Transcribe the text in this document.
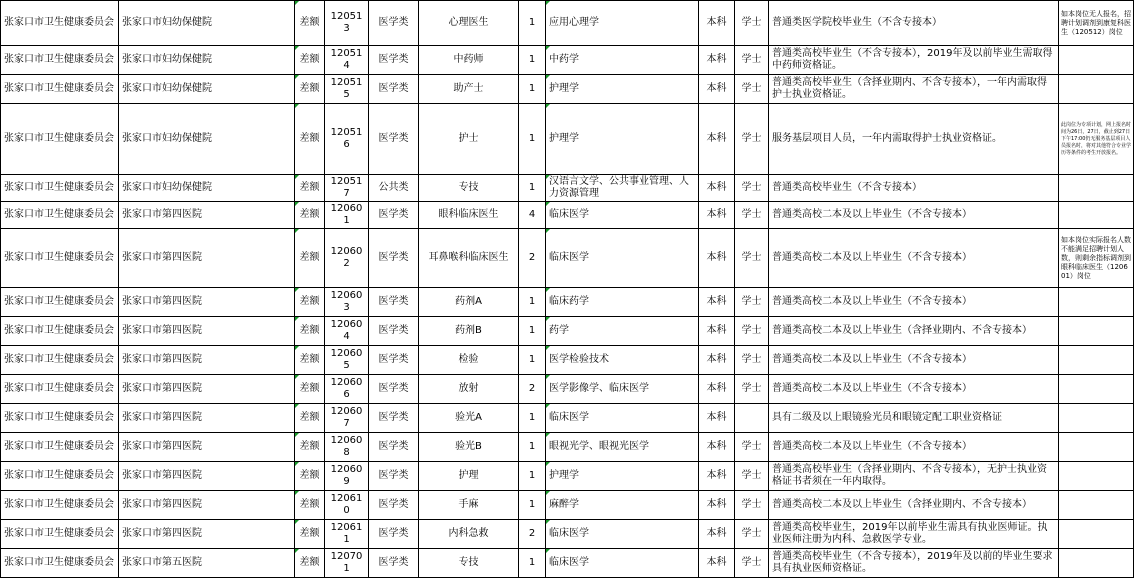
张家口市卫生健康委员会	张家口市妇幼保健院	差额	120513	医学类	心理医生	1	应用心理学	本科	学士	普通类医学院校毕业生（不含专接本）	如本岗位无人报名，招聘计划调剂到康复科医生（120512）岗位
张家口市卫生健康委员会	张家口市妇幼保健院	差额	120514	医学类	中药师	1	中药学	本科	学士	普通类高校毕业生（不含专接本），2019年及以前毕业生需取得中药师资格证。	
张家口市卫生健康委员会	张家口市妇幼保健院	差额	120515	医学类	助产士	1	护理学	本科	学士	普通类高校毕业生（含择业期内、不含专接本），一年内需取得护士执业资格证。	
张家口市卫生健康委员会	张家口市妇幼保健院	差额	120516	医学类	护士	1	护理学	本科	学士	服务基层项目人员，一年内需取得护士执业资格证。	此岗位为专项计划，网上报名时间为26日，27日，截止到27日下午17:00仍无服务基层项目人员报名时，将对其他符合专业学历等条件的考生开放报名。
张家口市卫生健康委员会	张家口市妇幼保健院	差额	120517	公共类	专技	1	汉语言文学、公共事业管理、人力资源管理	本科	学士	普通类高校毕业生（不含专接本）	
张家口市卫生健康委员会	张家口市第四医院	差额	120601	医学类	眼科临床医生	4	临床医学	本科	学士	普通类高校二本及以上毕业生（不含专接本）	
张家口市卫生健康委员会	张家口市第四医院	差额	120602	医学类	耳鼻喉科临床医生	2	临床医学	本科	学士	普通类高校二本及以上毕业生（不含专接本）	如本岗位实际报名人数不能满足招聘计划人数，则剩余指标调剂到眼科临床医生（120601）岗位
张家口市卫生健康委员会	张家口市第四医院	差额	120603	医学类	药剂A	1	临床药学	本科	学士	普通类高校二本及以上毕业生（不含专接本）	
张家口市卫生健康委员会	张家口市第四医院	差额	120604	医学类	药剂B	1	药学	本科	学士	普通类高校二本及以上毕业生（含择业期内、不含专接本）	
张家口市卫生健康委员会	张家口市第四医院	差额	120605	医学类	检验	1	医学检验技术	本科	学士	普通类高校二本及以上毕业生（不含专接本）	
张家口市卫生健康委员会	张家口市第四医院	差额	120606	医学类	放射	2	医学影像学、临床医学	本科	学士	普通类高校二本及以上毕业生（不含专接本）	
张家口市卫生健康委员会	张家口市第四医院	差额	120607	医学类	验光A	1	临床医学	本科		具有二级及以上眼镜验光员和眼镜定配工职业资格证	
张家口市卫生健康委员会	张家口市第四医院	差额	120608	医学类	验光B	1	眼视光学、眼视光医学	本科	学士	普通类高校二本及以上毕业生（不含专接本）	
张家口市卫生健康委员会	张家口市第四医院	差额	120609	医学类	护理	1	护理学	本科	学士	普通类高校毕业生（含择业期内、不含专接本），无护士执业资格证书者须在一年内取得。	
张家口市卫生健康委员会	张家口市第四医院	差额	120610	医学类	手麻	1	麻醉学	本科	学士	普通类高校二本及以上毕业生（含择业期内、不含专接本）	
张家口市卫生健康委员会	张家口市第四医院	差额	120611	医学类	内科急救	2	临床医学	本科	学士	普通类高校毕业生，2019年以前毕业生需具有执业医师证。执业医师注册为内科、急救医学专业。	
张家口市卫生健康委员会	张家口市第五医院	差额	120701	医学类	专技	1	临床医学	本科	学士	普通类高校毕业生（不含专接本），2019年及以前的毕业生要求具有执业医师资格证。	
